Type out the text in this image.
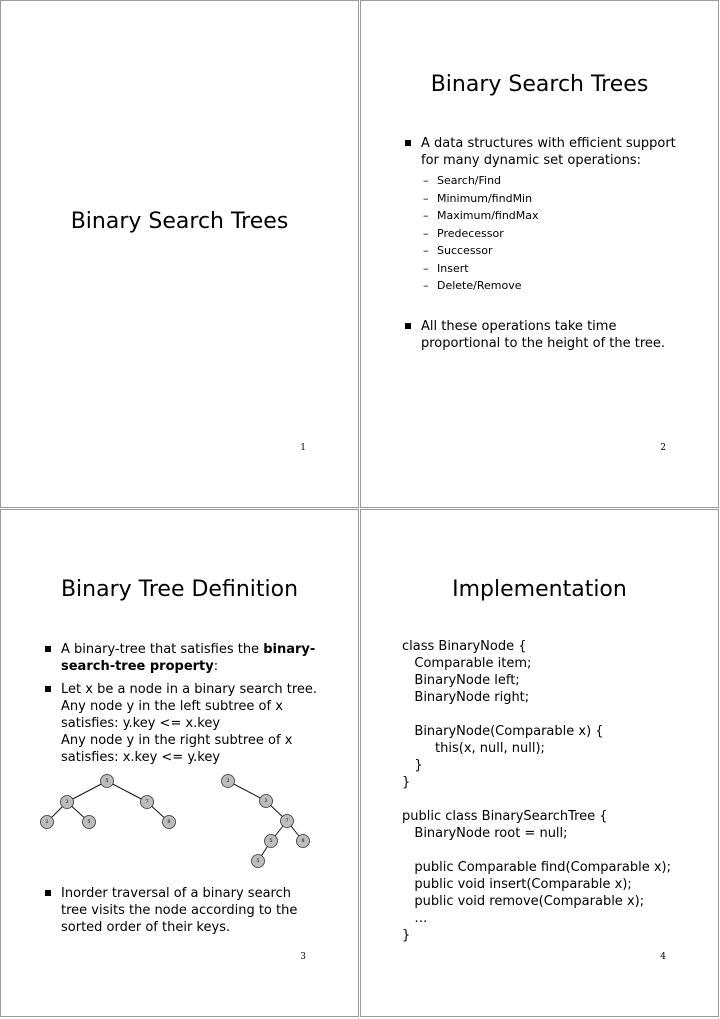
Binary Search Trees
1
Binary Search Trees
A data structures with efficient support for many dynamic set operations:
– Search/Find
– Minimum/findMin
– Maximum/findMax
– Predecessor
– Successor
– Insert
– Delete/Remove
All these operations take time proportional to the height of the tree.
2
Binary Tree Definition
A binary-tree that satisfies the binary-search-tree property:
Let x be a node in a binary search tree. Any node y in the left subtree of x satisfies: y.key <= x.key
Any node y in the right subtree of x satisfies: x.key <= y.key
5
3	7
2	5	8
2
3
7
5	8
5
Inorder traversal of a binary search tree visits the node according to the sorted order of their keys.
3
Implementation
class BinaryNode {
Comparable item;
BinaryNode left;
BinaryNode right;
BinaryNode(Comparable x) {
this(x, null, null);
}
}
public class BinarySearchTree {
BinaryNode root = null;
public Comparable find(Comparable x);
public void insert(Comparable x);
public void remove(Comparable x);
…
}
4
